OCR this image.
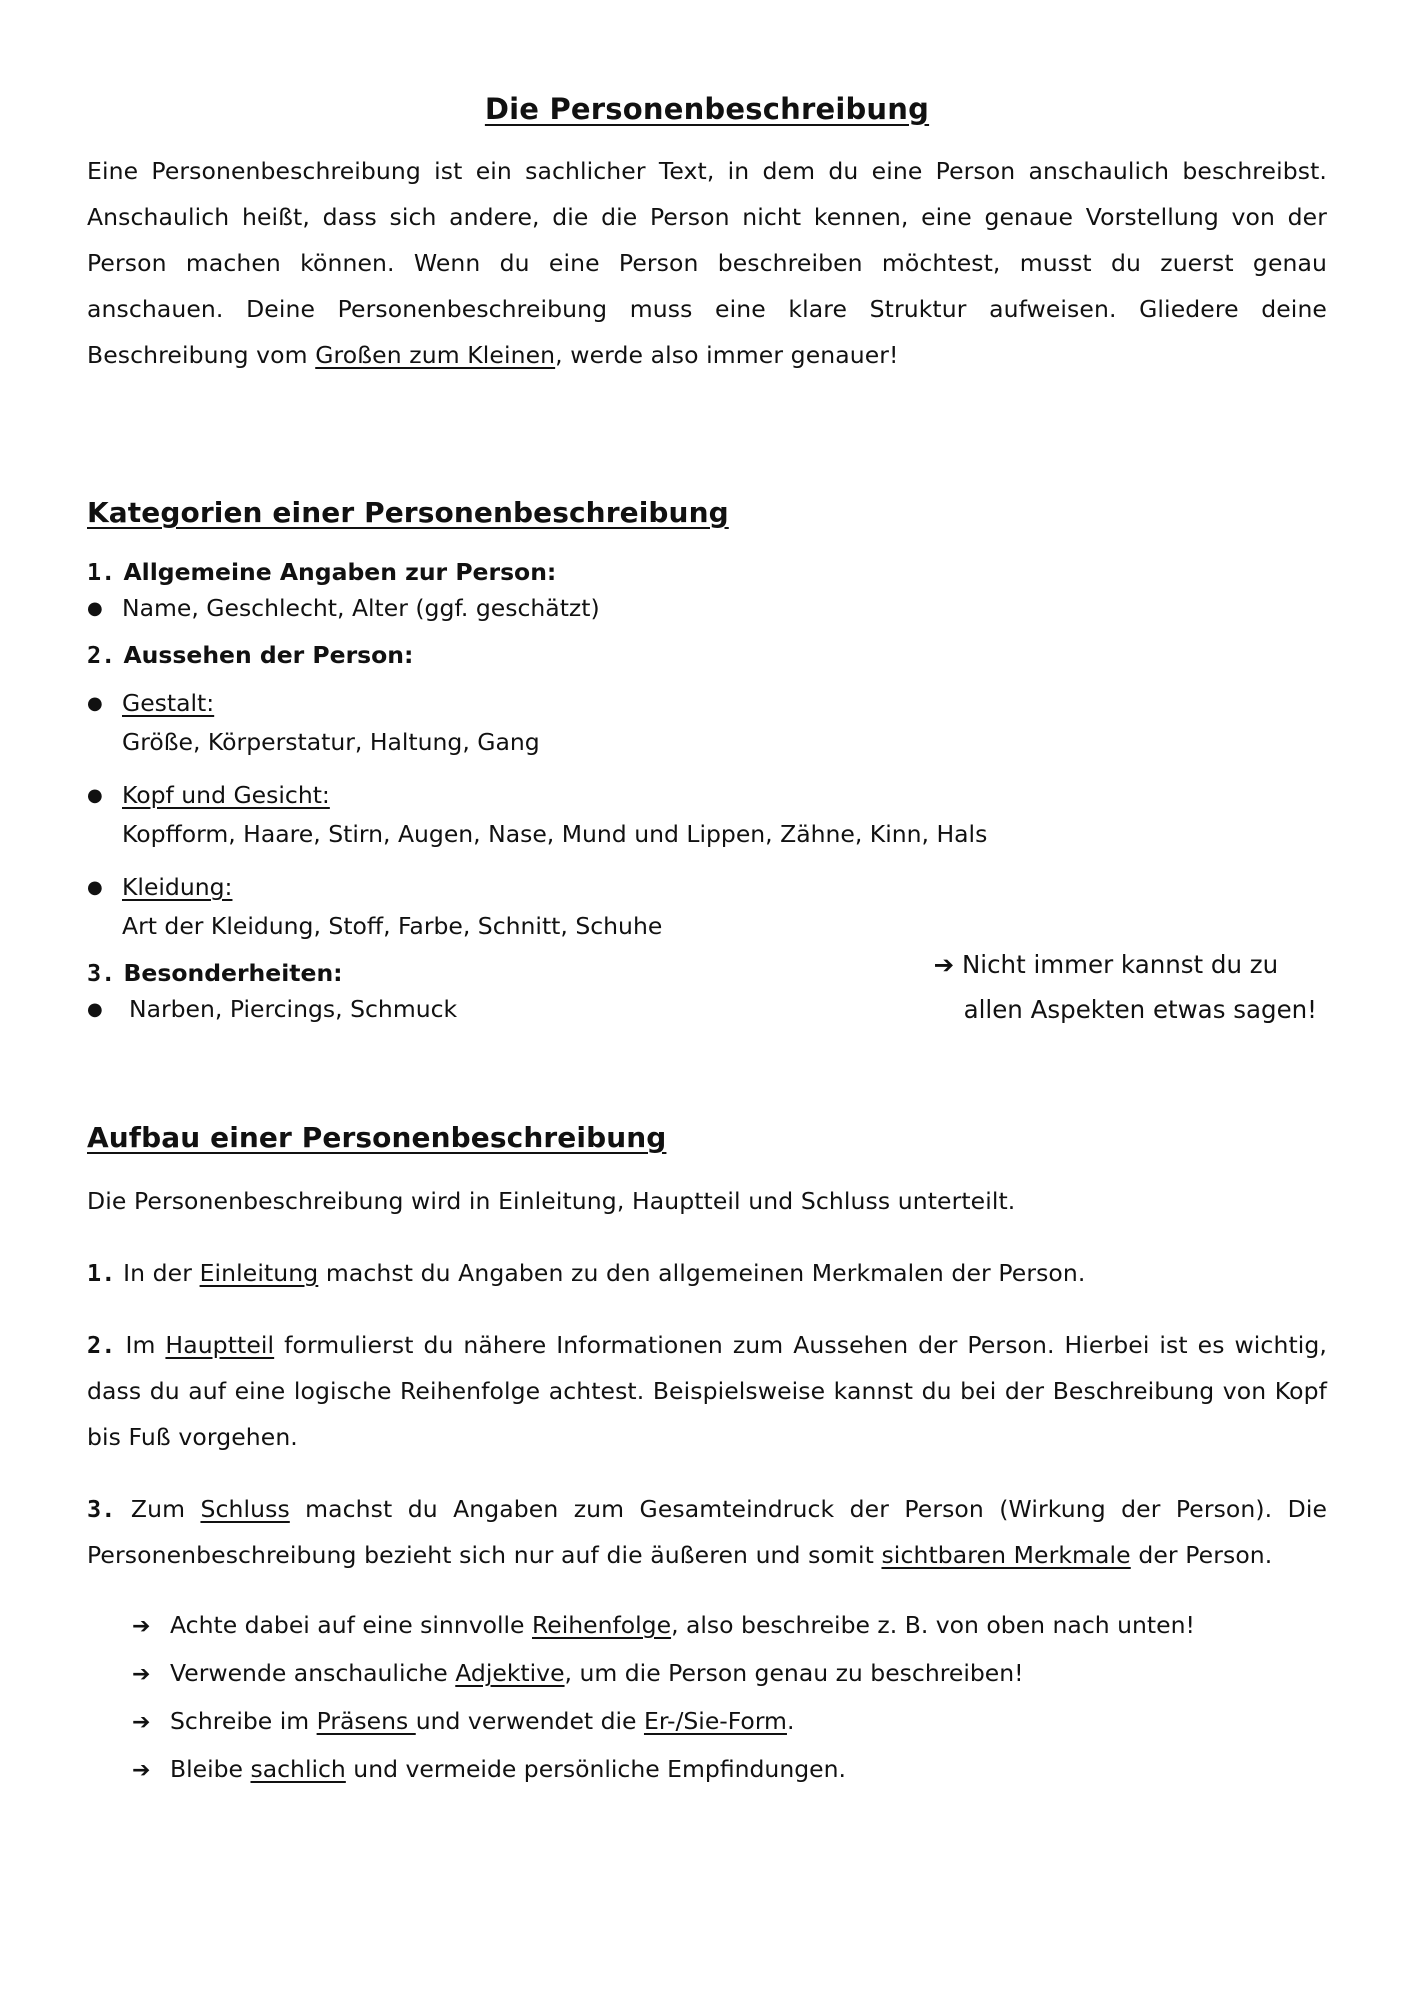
Die Personenbeschreibung

Eine Personenbeschreibung ist ein sachlicher Text, in dem du eine Person anschaulich beschreibst. Anschaulich heißt, dass sich andere, die die Person nicht kennen, eine genaue Vorstellung von der Person machen können. Wenn du eine Person beschreiben möchtest, musst du zuerst genau anschauen. Deine Personenbeschreibung muss eine klare Struktur aufweisen. Gliedere deine Beschreibung vom Großen zum Kleinen, werde also immer genauer!

Kategorien einer Personenbeschreibung

1. Allgemeine Angaben zur Person:

● Name, Geschlecht, Alter (ggf. geschätzt)

2. Aussehen der Person:

● Gestalt:
Größe, Körperstatur, Haltung, Gang
● Kopf und Gesicht:
Kopfform, Haare, Stirn, Augen, Nase, Mund und Lippen, Zähne, Kinn, Hals
● Kleidung:
Art der Kleidung, Stoff, Farbe, Schnitt, Schuhe

3. Besonderheiten:

● Narben, Piercings, Schmuck
➔ Nicht immer kannst du zu
allen Aspekten etwas sagen!
Aufbau einer Personenbeschreibung

Die Personenbeschreibung wird in Einleitung, Hauptteil und Schluss unterteilt.

1. In der Einleitung machst du Angaben zu den allgemeinen Merkmalen der Person.

2. Im Hauptteil formulierst du nähere Informationen zum Aussehen der Person. Hierbei ist es wichtig, dass du auf eine logische Reihenfolge achtest. Beispielsweise kannst du bei der Beschreibung von Kopf bis Fuß vorgehen.

3. Zum Schluss machst du Angaben zum Gesamteindruck der Person (Wirkung der Person). Die Personenbeschreibung bezieht sich nur auf die äußeren und somit sichtbaren Merkmale der Person.

➔ Achte dabei auf eine sinnvolle Reihenfolge, also beschreibe z. B. von oben nach unten!
➔ Verwende anschauliche Adjektive, um die Person genau zu beschreiben!
➔ Schreibe im Präsens und verwendet die Er-/Sie-Form.
➔ Bleibe sachlich und vermeide persönliche Empfindungen.
